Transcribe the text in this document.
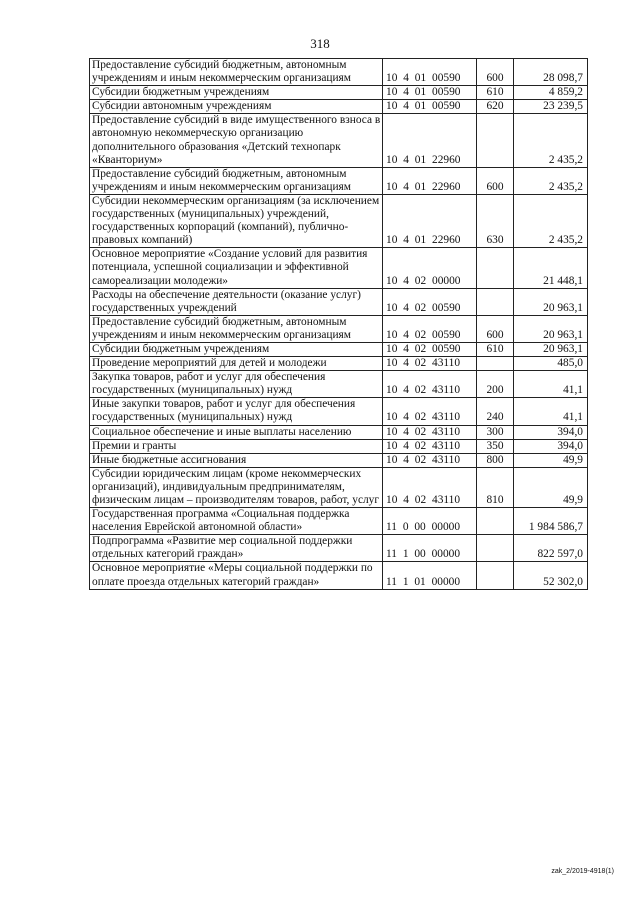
318
Предоставление субсидий бюджетным, автономным учреждениям и иным некоммерческим организациям	10 4 01 00590	600	28 098,7
Субсидии бюджетным учреждениям	10 4 01 00590	610	4 859,2
Субсидии автономным учреждениям	10 4 01 00590	620	23 239,5
Предоставление субсидий в виде имущественного взноса в автономную некоммерческую организацию дополнительного образования «Детский технопарк «Кванториум»	10 4 01 22960		2 435,2
Предоставление субсидий бюджетным, автономным учреждениям и иным некоммерческим организациям	10 4 01 22960	600	2 435,2
Субсидии некоммерческим организациям (за исключением государственных (муниципальных) учреждений, государственных корпораций (компаний), публично-правовых компаний)	10 4 01 22960	630	2 435,2
Основное мероприятие «Создание условий для развития потенциала, успешной социализации и эффективной самореализации молодежи»	10 4 02 00000		21 448,1
Расходы на обеспечение деятельности (оказание услуг) государственных учреждений	10 4 02 00590		20 963,1
Предоставление субсидий бюджетным, автономным учреждениям и иным некоммерческим организациям	10 4 02 00590	600	20 963,1
Субсидии бюджетным учреждениям	10 4 02 00590	610	20 963,1
Проведение мероприятий для детей и молодежи	10 4 02 43110		485,0
Закупка товаров, работ и услуг для обеспечения государственных (муниципальных) нужд	10 4 02 43110	200	41,1
Иные закупки товаров, работ и услуг для обеспечения государственных (муниципальных) нужд	10 4 02 43110	240	41,1
Социальное обеспечение и иные выплаты населению	10 4 02 43110	300	394,0
Премии и гранты	10 4 02 43110	350	394,0
Иные бюджетные ассигнования	10 4 02 43110	800	49,9
Субсидии юридическим лицам (кроме некоммерческих организаций), индивидуальным предпринимателям, физическим лицам – производителям товаров, работ, услуг	10 4 02 43110	810	49,9
Государственная программа «Социальная поддержка населения Еврейской автономной области»	11 0 00 00000		1 984 586,7
Подпрограмма «Развитие мер социальной поддержки отдельных категорий граждан»	11 1 00 00000		822 597,0
Основное мероприятие «Меры социальной поддержки по оплате проезда отдельных категорий граждан»	11 1 01 00000		52 302,0
zak_2/2019-4918(1)
